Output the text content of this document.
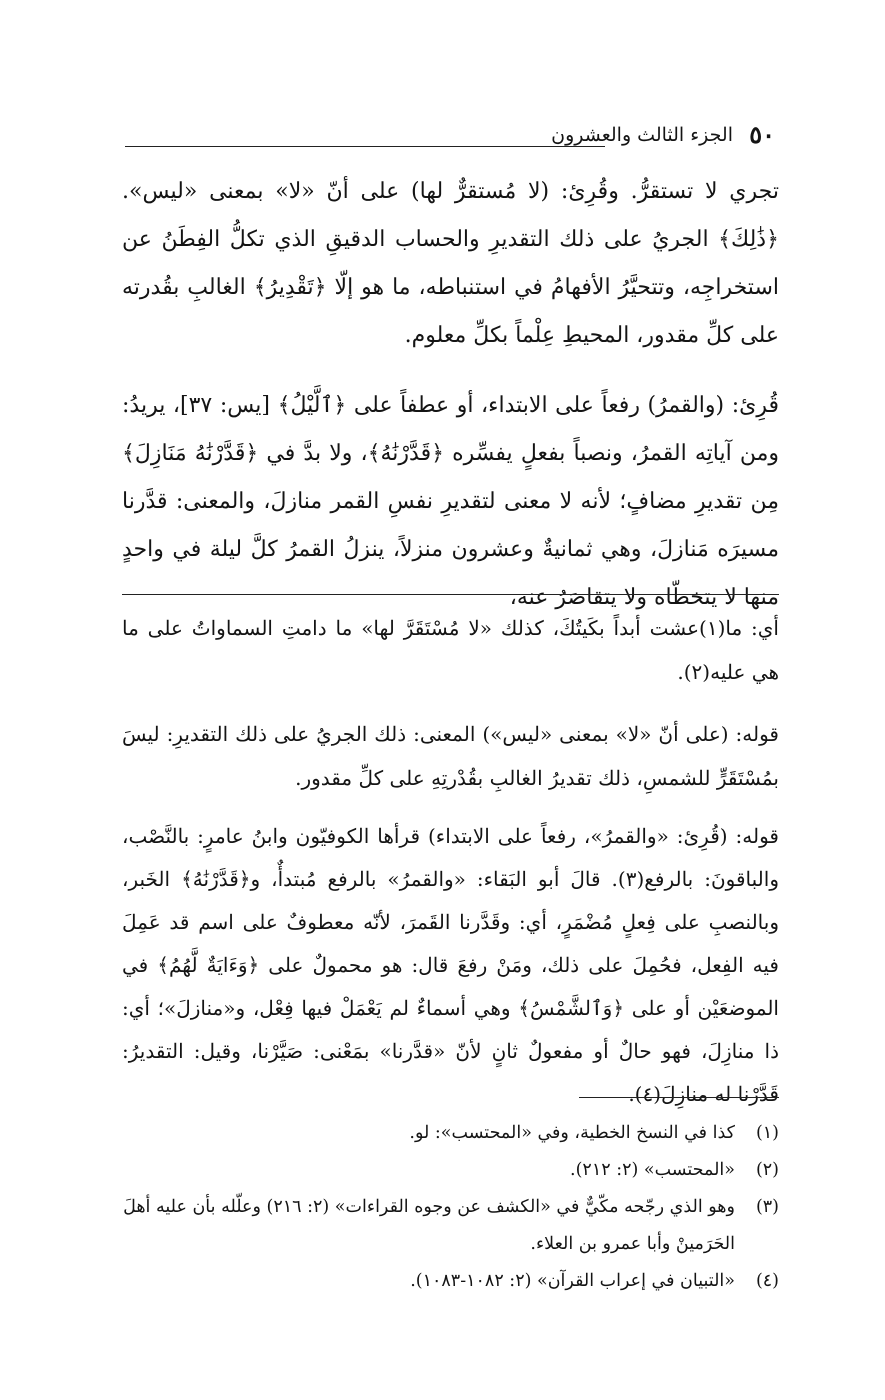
٥٠
الجزء الثالث والعشرون

تجري لا تستقرُّ. وقُرِئ: (لا مُستقرٌّ لها) على أنّ «لا» بمعنى «ليس». ﴿ذَٰلِكَ﴾ الجريُ على ذلك التقديرِ والحساب الدقيقِ الذي تكلُّ الفِطَنُ عن استخراجِه، وتتحيَّرُ الأفهامُ في استنباطه، ما هو إلّا ﴿تَقْدِيرُ﴾ الغالبِ بقُدرته على كلِّ مقدور، المحيطِ عِلْماً بكلِّ معلوم.

قُرِئ: (والقمرُ) رفعاً على الابتداء، أو عطفاً على ﴿ٱلَّيْلُ﴾ [يس: ٣٧]، يريدُ: ومن آياتِه القمرُ، ونصباً بفعلٍ يفسِّره ﴿قَدَّرْنَٰهُ﴾، ولا بدَّ في ﴿قَدَّرْنَٰهُ مَنَازِلَ﴾ مِن تقديرِ مضافٍ؛ لأنه لا معنى لتقديرِ نفسِ القمر منازلَ، والمعنى: قدَّرنا مسيرَه مَنازلَ، وهي ثمانيةٌ وعشرون منزلاً، ينزلُ القمرُ كلَّ ليلة في واحدٍ منها لا يتخطّاه ولا يتقاصَرُ عنه،

أي: ما(١)عشت أبداً بكَيتُكَ، كذلك «لا مُسْتَقَرَّ لها» ما دامتِ السماواتُ على ما هي عليه(٢).

قوله: (على أنّ «لا» بمعنى «ليس») المعنى: ذلك الجريُ على ذلك التقديرِ: ليسَ بمُسْتَقَرٍّ للشمسِ، ذلك تقديرُ الغالبِ بقُدْرتِهِ على كلِّ مقدور.

قوله: (قُرِئ: «والقمرُ»، رفعاً على الابتداء) قرأها الكوفيّون وابنُ عامرٍ: بالنَّصْب، والباقونَ: بالرفع(٣). قالَ أبو البَقاء: «والقمرُ» بالرفع مُبتدأٌ، و﴿قَدَّرْنَٰهُ﴾ الخَبر، وبالنصبِ على فِعلٍ مُضْمَرٍ، أي: وقَدَّرنا القَمرَ، لأنّه معطوفٌ على اسم قد عَمِلَ فيه الفِعل، فحُمِلَ على ذلك، ومَنْ رفعَ قال: هو محمولٌ على ﴿وَءَايَةٌ لَّهُمُ﴾ في الموضعَيْن أو على ﴿وَٱلشَّمْسُ﴾ وهي أسماءٌ لم يَعْمَلْ فيها فِعْل، و«منازلَ»؛ أي: ذا منازِلَ، فهو حالٌ أو مفعولٌ ثانٍ لأنّ «قدَّرنا» بمَعْنى: صَيَّرْنا، وقيل: التقديرُ: قَدَّرْنا له منازِلَ(٤).

(١)
كذا في النسخ الخطية، وفي «المحتسب»: لو.
(٢)
«المحتسب» (٢: ٢١٢).
(٣)
وهو الذي رجّحه مكّيٌّ في «الكشف عن وجوه القراءات» (٢: ٢١٦) وعلّله بأن عليه أهلَ الحَرَمينْ وأبا عمرو بن العلاء.
(٤)
«التبيان في إعراب القرآن» (٢: ١٠٨٢-١٠٨٣).
